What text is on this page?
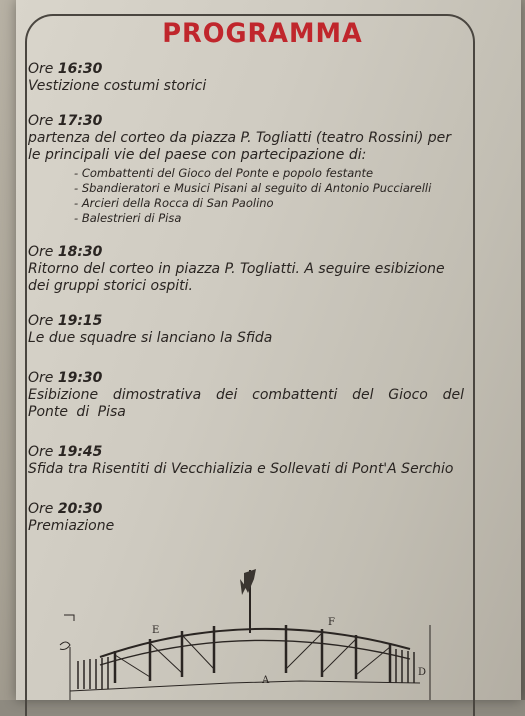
PROGRAMMA
Ore 16:30
Vestizione costumi storici
Ore 17:30
partenza del corteo da piazza P. Togliatti (teatro Rossini) per le principali vie del paese con partecipazione di:
- Combattenti del Gioco del Ponte e popolo festante
- Sbandieratori e Musici Pisani al seguito di Antonio Pucciarelli
- Arcieri della Rocca di San Paolino
- Balestrieri di Pisa
Ore 18:30
Ritorno del corteo in piazza P. Togliatti. A seguire esibizione dei gruppi storici ospiti.
Ore 19:15
Le due squadre si lanciano la Sfida
Ore 19:30
Esibizione dimostrativa dei combattenti del Gioco del Ponte di Pisa
Ore 19:45
Sfida tra Risentiti di Vecchializia e Sollevati di Pont'A Serchio
Ore 20:30
Premiazione
E
F
A
D
